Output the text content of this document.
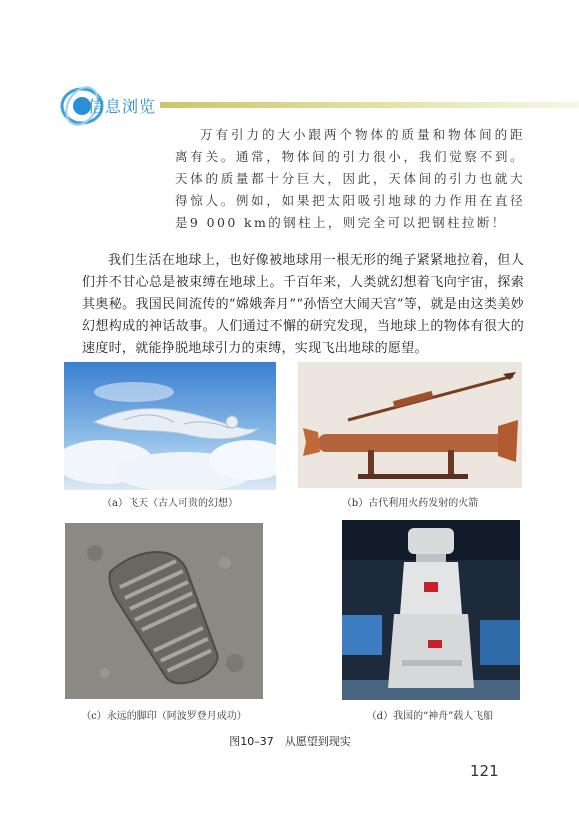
信息浏览

万有引力的大小跟两个物体的质量和物体间的距离有关。通常，物体间的引力很小，我们觉察不到。天体的质量都十分巨大，因此，天体间的引力也就大得惊人。例如，如果把太阳吸引地球的力作用在直径是9 000 km的钢柱上，则完全可以把钢柱拉断！

我们生活在地球上，也好像被地球用一根无形的绳子紧紧地拉着，但人们并不甘心总是被束缚在地球上。千百年来，人类就幻想着飞向宇宙，探索其奥秘。我国民间流传的“嫦娥奔月”“孙悟空大闹天宫”等，就是由这类美妙幻想构成的神话故事。人们通过不懈的研究发现，当地球上的物体有很大的速度时，就能挣脱地球引力的束缚，实现飞出地球的愿望。

（a）飞天（古人可贵的幻想）	（b）古代利用火药发射的火箭
（c）永远的脚印（阿波罗登月成功）	（d）我国的“神舟”载人飞船
图10–37　从愿望到现实
121
